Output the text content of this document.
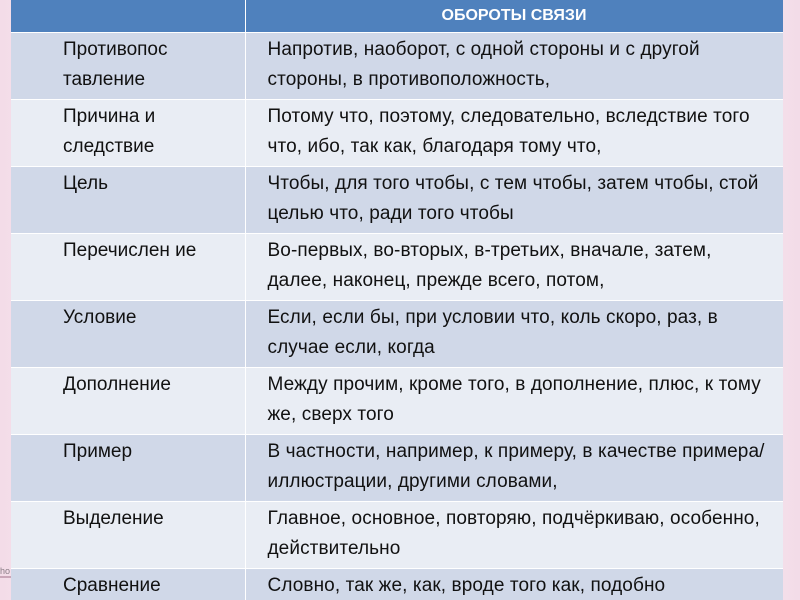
ho
	ОБОРОТЫ СВЯЗИ
Противопос тавление	Напротив, наоборот, с одной стороны и с другой стороны, в противоположность,
Причина и следствие	Потому что, поэтому, следовательно, вследствие того что, ибо, так как, благодаря тому что,
Цель	Чтобы, для того чтобы, с тем чтобы, затем чтобы, стой целью что, ради того чтобы
Перечислен ие	Во-первых, во-вторых, в-третьих, вначале, затем, далее, наконец, прежде всего, потом,
Условие	Если, если бы, при условии что, коль скоро, раз, в случае если, когда
Дополнение	Между прочим, кроме того, в дополнение, плюс, к тому же, сверх того
Пример	В частности, например, к примеру, в качестве примера/иллюстрации, другими словами,
Выделение	Главное, основное, повторяю, подчёркиваю, особенно, действительно
Сравнение	Словно, так же, как, вроде того как, подобно
